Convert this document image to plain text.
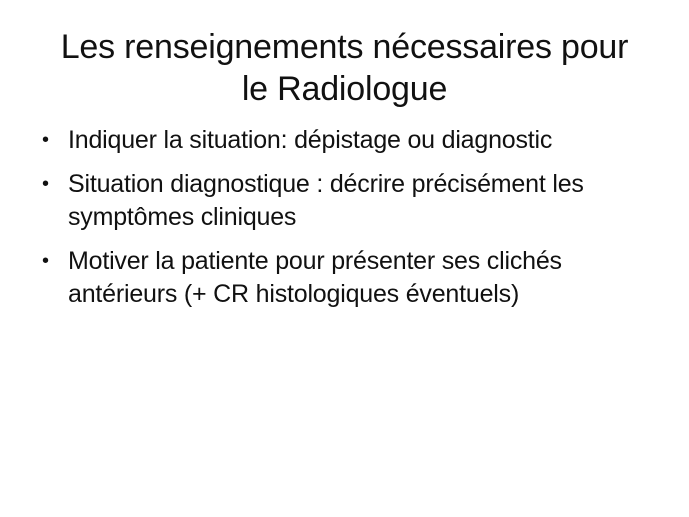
Les renseignements nécessaires pour
le Radiologue
• Indiquer la situation: dépistage ou diagnostic
• Situation diagnostique : décrire précisément les symptômes cliniques
• Motiver la patiente pour présenter ses clichés antérieurs (+ CR histologiques éventuels)
